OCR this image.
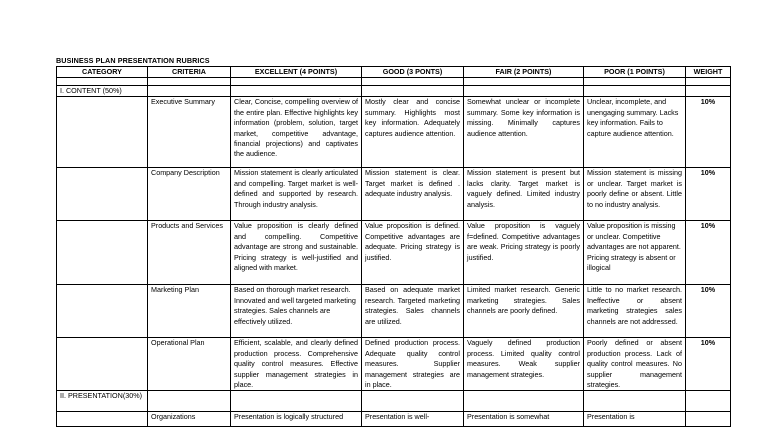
BUSINESS PLAN PRESENTATION RUBRICS
CATEGORY	CRITERIA	EXCELLENT (4 POINTS)	GOOD (3 PONTS)	FAIR (2 POINTS)	POOR (1 POINTS)	WEIGHT

I. CONTENT (50%)						
	Executive Summary	Clear, Concise, compelling overview of the entire plan. Effective highlights key information (problem, solution, target market, competitive advantage, financial projections) and captivates the audience.	Mostly clear and concise summary. Highlights most key information. Adequately captures audience attention.	Somewhat unclear or incomplete summary. Some key information is missing. Minimally captures audience attention.	Unclear, incomplete, and unengaging summary. Lacks key information. Fails to capture audience attention.	10%
	Company Description	Mission statement is clearly articulated and compelling. Target market is well-defined and supported by research. Through industry analysis.	Mission statement is clear. Target market is defined . adequate industry analysis.	Mission statement is present but lacks clarity. Target market is vaguely defined. Limited industry analysis.	Mission statement is missing or unclear. Target market is poorly define or absent. Little to no industry analysis.	10%
	Products and Services	Value proposition is clearly defined and compelling. Competitive advantage are strong and sustainable. Pricing strategy is well-justified and aligned with market.	Value proposition is defined. Competitive advantages are adequate. Pricing strategy is justified.	Value proposition is vaguely f=defined. Competitive advantages are weak. Pricing strategy is poorly justified.	Value proposition is missing or unclear. Competitive advantages are not apparent. Pricing strategy is absent or illogical	10%
	Marketing Plan	Based on thorough market research. Innovated and well targeted marketing strategies. Sales channels are effectively utilized.	Based on adequate market research. Targeted marketing strategies. Sales channels are utilized.	Limited market research. Generic marketing strategies. Sales channels are poorly defined.	Little to no market research. Ineffective or absent marketing strategies sales channels are not addressed.	10%
	Operational Plan	Efficient, scalable, and clearly defined production process. Comprehensive quality control measures. Effective supplier management strategies in place.	Defined production process. Adequate quality control measures. Supplier management strategies are in place.	Vaguely defined production process. Limited quality control measures. Weak supplier management strategies.	Poorly defined or absent production process. Lack of quality control measures. No supplier management strategies.	10%
II. PRESENTATION(30%)						
	Organizations	Presentation is logically structured	Presentation is well-	Presentation is somewhat	Presentation is	
